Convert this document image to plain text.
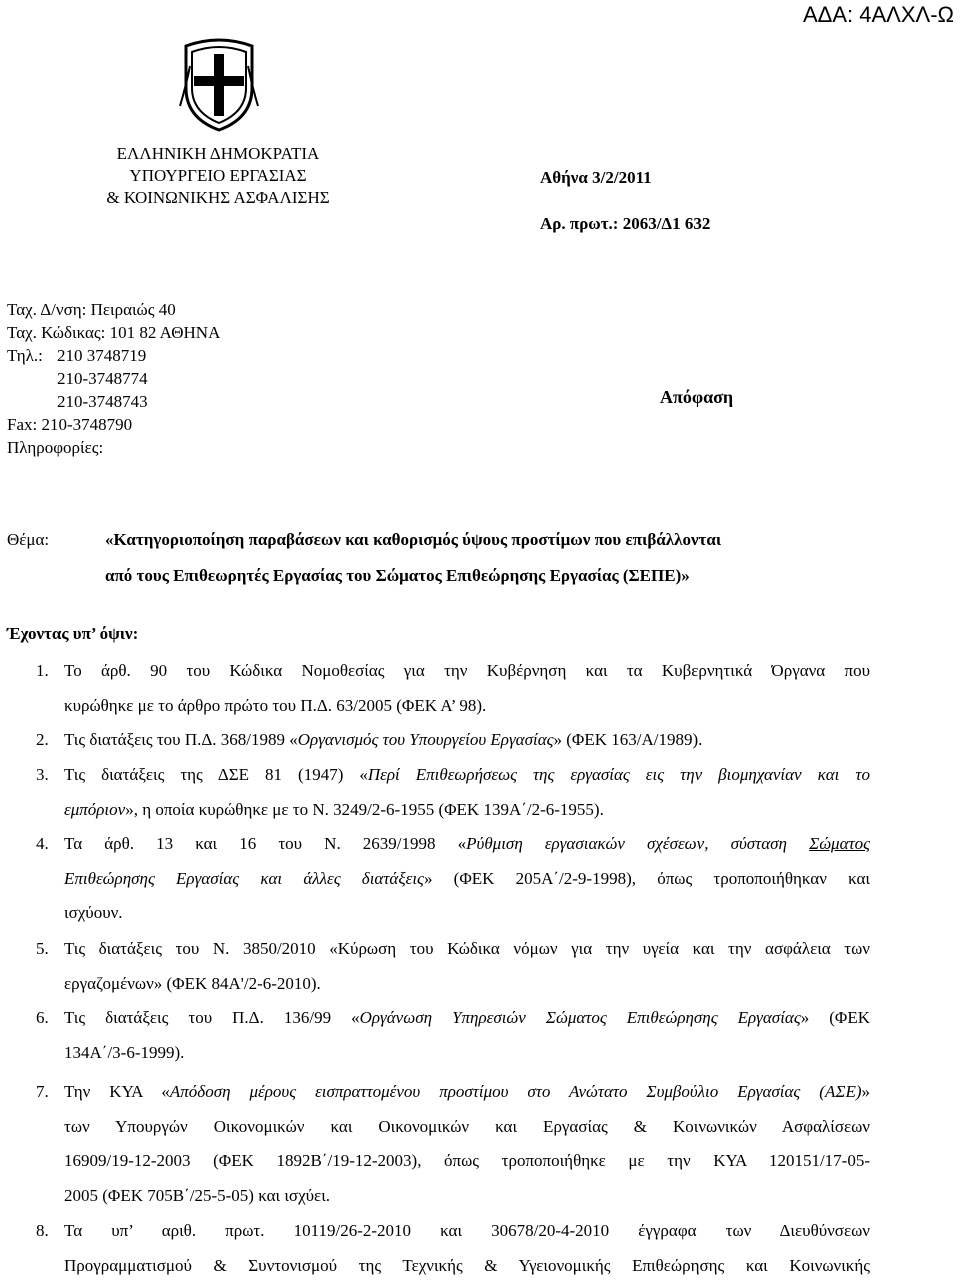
ΑΔΑ: 4ΑΛΧΛ-Ω
ΕΛΛΗΝΙΚΗ ΔΗΜΟΚΡΑΤΙΑ
ΥΠΟΥΡΓΕΙΟ ΕΡΓΑΣΙΑΣ
& ΚΟΙΝΩΝΙΚΗΣ ΑΣΦΑΛΙΣΗΣ
Αθήνα 3/2/2011
Αρ. πρωτ.: 2063/Δ1 632
Ταχ. Δ/νση: Πειραιώς 40
Ταχ. Κώδικας: 101 82 ΑΘΗΝΑ
Τηλ.: 210 3748719
210-3748774
210-3748743
Fax: 210-3748790
Πληροφορίες:
Απόφαση
Θέμα:	«Κατηγοριοποίηση παραβάσεων και καθορισμός ύψους προστίμων που επιβάλλονται
από τους Επιθεωρητές Εργασίας του Σώματος Επιθεώρησης Εργασίας (ΣΕΠΕ)»
Έχοντας υπ’ όψιν:
1. Το άρθ. 90 του Κώδικα Νομοθεσίας για την Κυβέρνηση και τα Κυβερνητικά Όργανα που
κυρώθηκε με το άρθρο πρώτο του Π.Δ. 63/2005 (ΦΕΚ Α’ 98).
2. Τις διατάξεις του Π.Δ. 368/1989 «Οργανισμός του Υπουργείου Εργασίας» (ΦΕΚ 163/Α/1989).
3. Τις διατάξεις της ΔΣΕ 81 (1947) «Περί Επιθεωρήσεως της εργασίας εις την βιομηχανίαν και το
εμπόριον», η οποία κυρώθηκε με το Ν. 3249/2-6-1955 (ΦΕΚ 139Α΄/2-6-1955).
4. Τα άρθ. 13 και 16 του Ν. 2639/1998 «Ρύθμιση εργασιακών σχέσεων, σύσταση Σώματος
Επιθεώρησης Εργασίας και άλλες διατάξεις» (ΦΕΚ 205Α΄/2-9-1998), όπως τροποποιήθηκαν και
ισχύουν.
5. Τις διατάξεις του Ν. 3850/2010 «Κύρωση του Κώδικα νόμων για την υγεία και την ασφάλεια των
εργαζομένων» (ΦΕΚ 84Α'/2-6-2010).
6. Τις διατάξεις του Π.Δ. 136/99 «Οργάνωση Υπηρεσιών Σώματος Επιθεώρησης Εργασίας» (ΦΕΚ
134Α΄/3-6-1999).
7. Την ΚΥΑ «Απόδοση μέρους εισπραττομένου προστίμου στο Ανώτατο Συμβούλιο Εργασίας (ΑΣΕ)»
των Υπουργών Οικονομικών και Οικονομικών και Εργασίας & Κοινωνικών Ασφαλίσεων
16909/19-12-2003 (ΦΕΚ 1892Β΄/19-12-2003), όπως τροποποιήθηκε με την ΚΥΑ 120151/17-05-
2005 (ΦΕΚ 705Β΄/25-5-05) και ισχύει.
8. Τα υπ’ αριθ. πρωτ. 10119/26-2-2010 και 30678/20-4-2010 έγγραφα των Διευθύνσεων
Προγραμματισμού & Συντονισμού της Τεχνικής & Υγειονομικής Επιθεώρησης και Κοινωνικής
